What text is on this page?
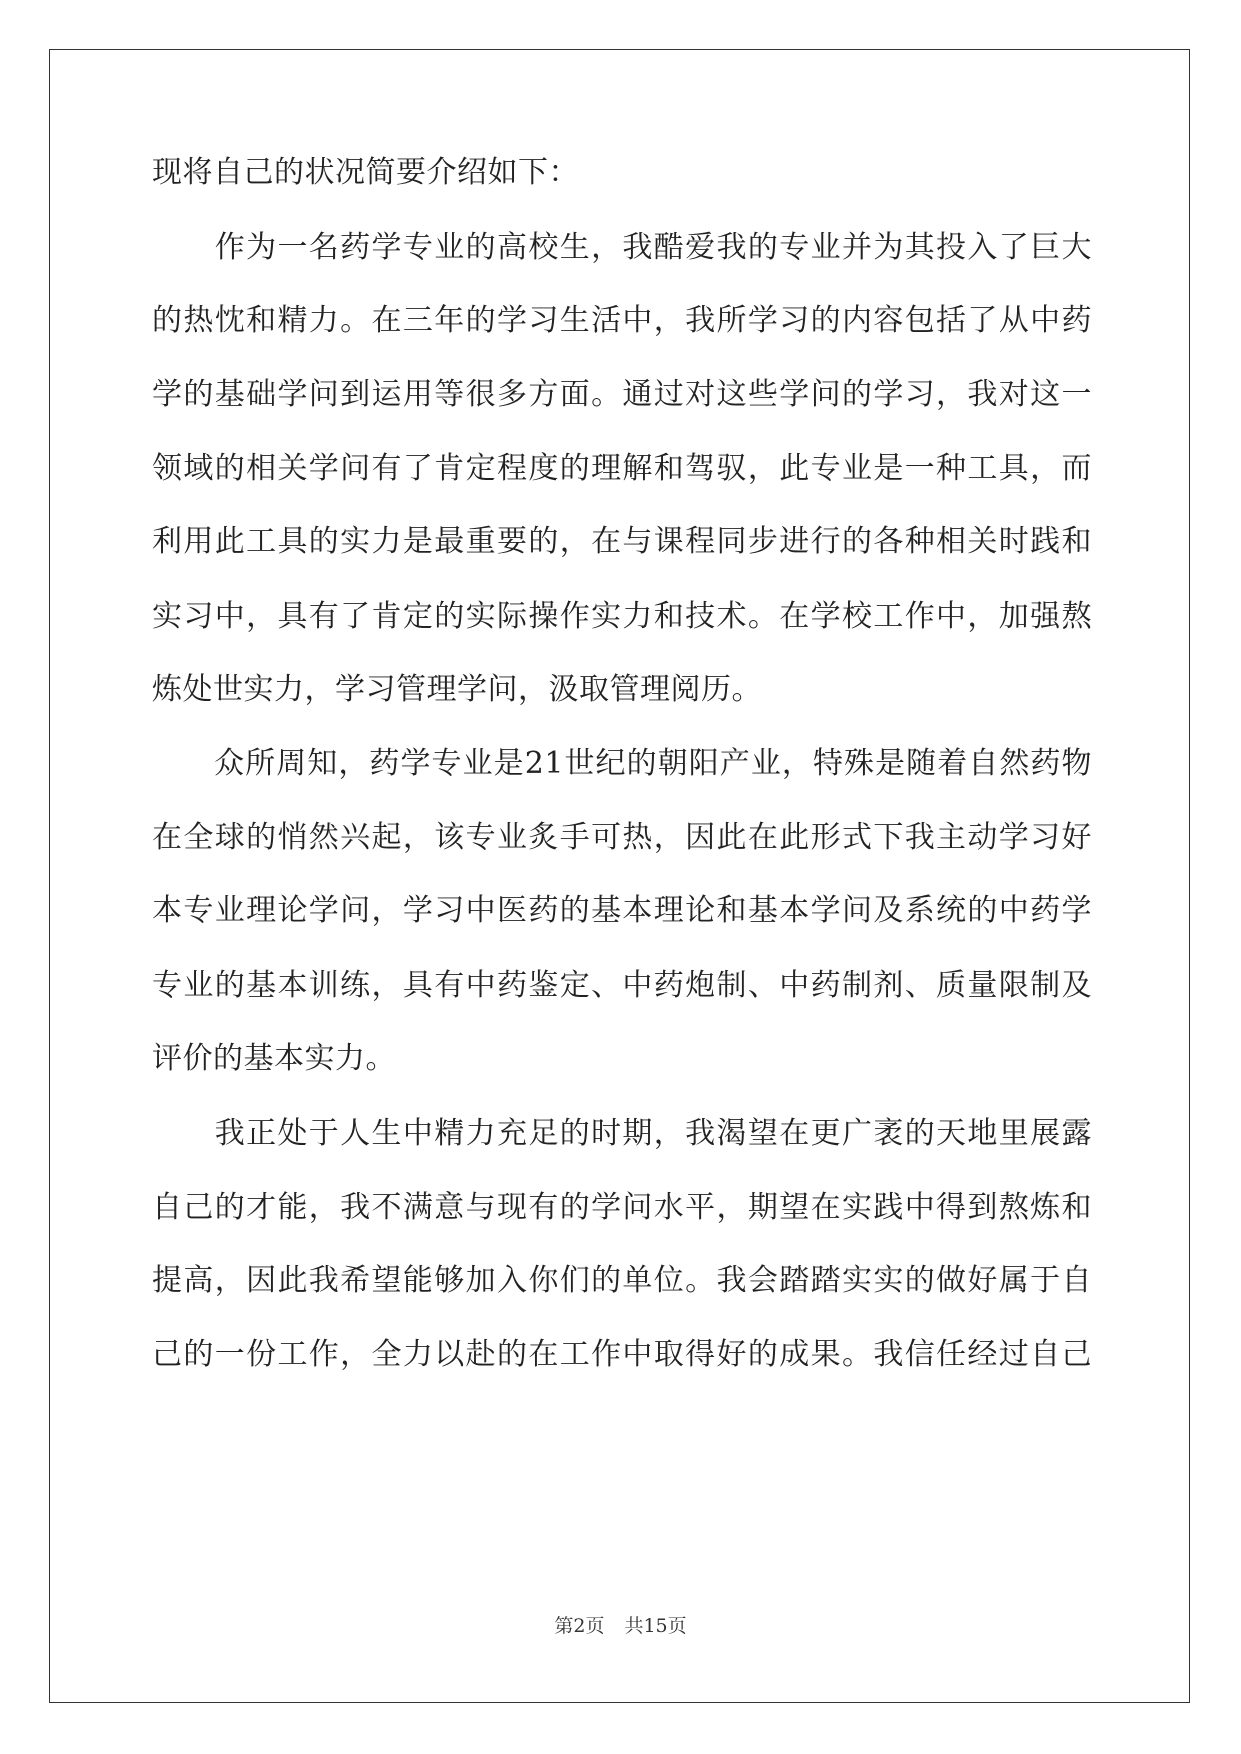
现将自己的状况简要介绍如下：
　　作为一名药学专业的高校生，我酷爱我的专业并为其投入了巨大
的热忱和精力。在三年的学习生活中，我所学习的内容包括了从中药
学的基础学问到运用等很多方面。通过对这些学问的学习，我对这一
领域的相关学问有了肯定程度的理解和驾驭，此专业是一种工具，而
利用此工具的实力是最重要的，在与课程同步进行的各种相关时践和
实习中，具有了肯定的实际操作实力和技术。在学校工作中，加强熬
炼处世实力，学习管理学问，汲取管理阅历。
　　众所周知，药学专业是21世纪的朝阳产业，特殊是随着自然药物
在全球的悄然兴起，该专业炙手可热，因此在此形式下我主动学习好
本专业理论学问，学习中医药的基本理论和基本学问及系统的中药学
专业的基本训练，具有中药鉴定、中药炮制、中药制剂、质量限制及
评价的基本实力。
　　我正处于人生中精力充足的时期，我渴望在更广袤的天地里展露
自己的才能，我不满意与现有的学问水平，期望在实践中得到熬炼和
提高，因此我希望能够加入你们的单位。我会踏踏实实的做好属于自
己的一份工作，全力以赴的在工作中取得好的成果。我信任经过自己
第2页 共15页
